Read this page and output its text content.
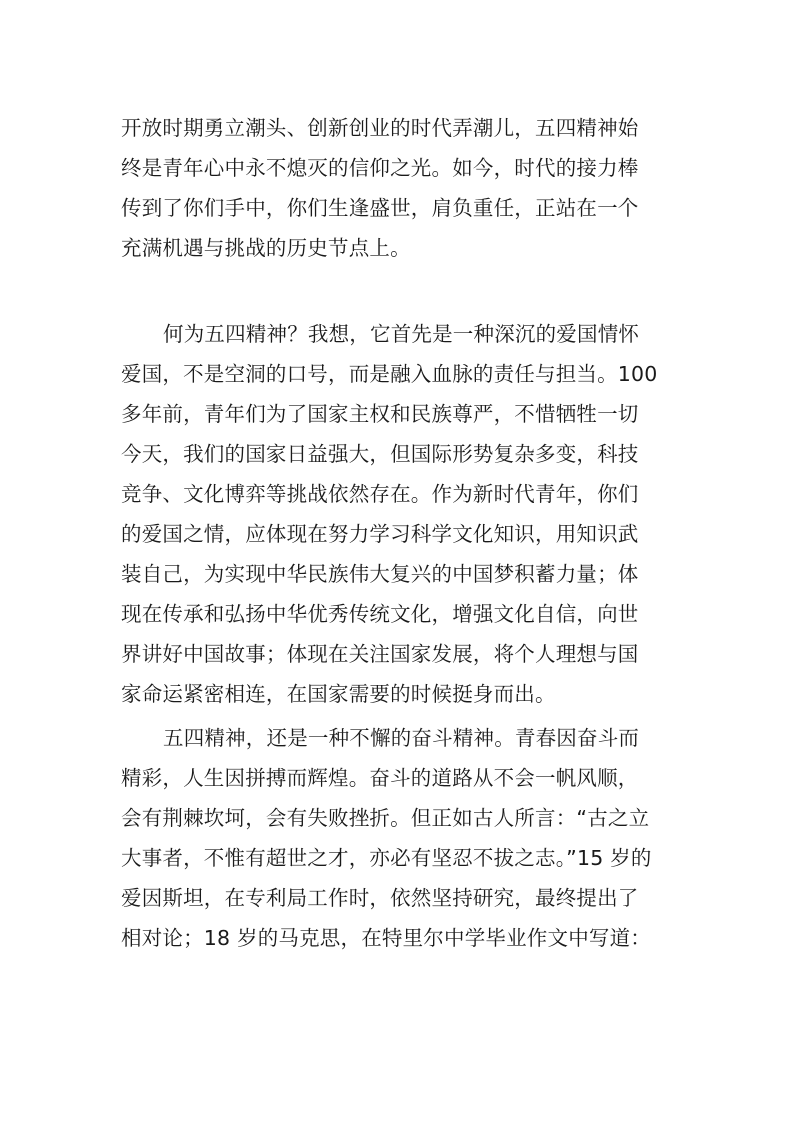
开放时期勇立潮头、创新创业的时代弄潮儿，五四精神始
终是青年心中永不熄灭的信仰之光。如今，时代的接力棒
传到了你们手中，你们生逢盛世，肩负重任，正站在一个
充满机遇与挑战的历史节点上。
何为五四精神？我想，它首先是一种深沉的爱国情怀
爱国，不是空洞的口号，而是融入血脉的责任与担当。100
多年前，青年们为了国家主权和民族尊严，不惜牺牲一切
今天，我们的国家日益强大，但国际形势复杂多变，科技
竞争、文化博弈等挑战依然存在。作为新时代青年，你们
的爱国之情，应体现在努力学习科学文化知识，用知识武
装自己，为实现中华民族伟大复兴的中国梦积蓄力量；体
现在传承和弘扬中华优秀传统文化，增强文化自信，向世
界讲好中国故事；体现在关注国家发展，将个人理想与国
家命运紧密相连，在国家需要的时候挺身而出。
五四精神，还是一种不懈的奋斗精神。青春因奋斗而
精彩，人生因拼搏而辉煌。奋斗的道路从不会一帆风顺，
会有荆棘坎坷，会有失败挫折。但正如古人所言：“古之立
大事者，不惟有超世之才，亦必有坚忍不拔之志。”15 岁的
爱因斯坦，在专利局工作时，依然坚持研究，最终提出了
相对论；18 岁的马克思，在特里尔中学毕业作文中写道：
